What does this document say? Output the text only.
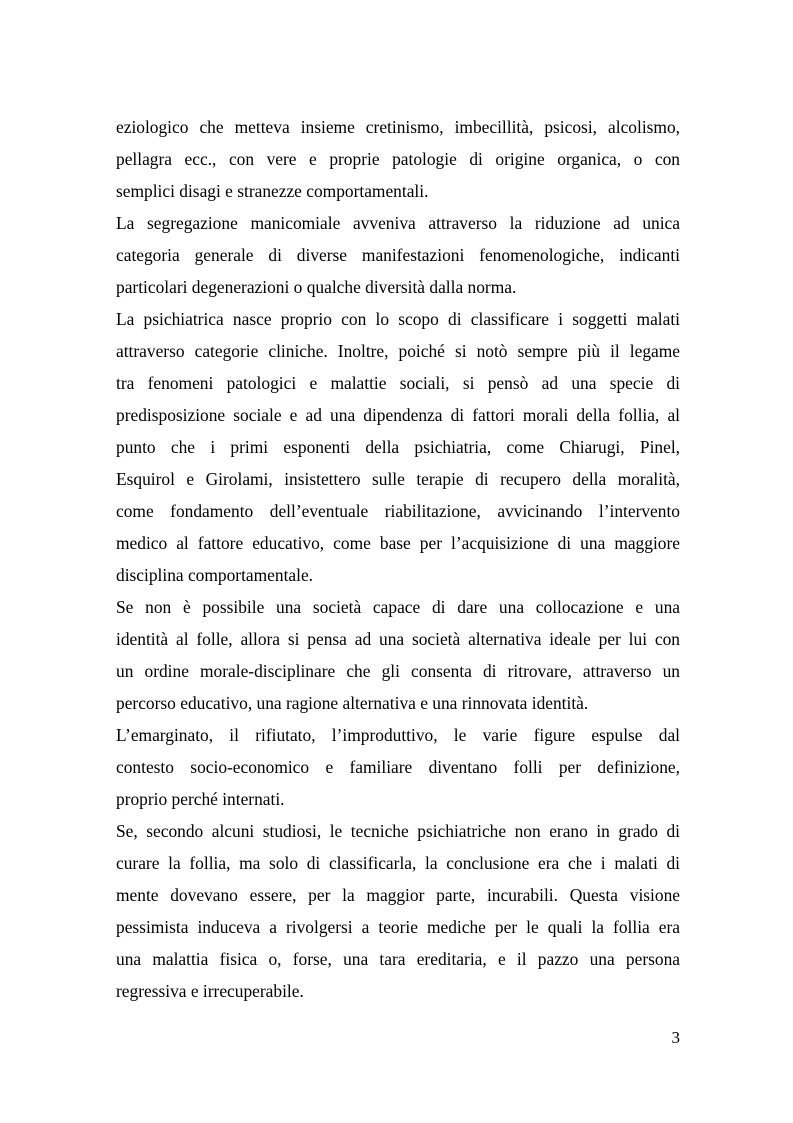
eziologico che metteva insieme cretinismo, imbecillità, psicosi, alcolismo,
pellagra ecc., con vere e proprie patologie di origine organica, o con
semplici disagi e stranezze comportamentali.
La segregazione manicomiale avveniva attraverso la riduzione ad unica
categoria generale di diverse manifestazioni fenomenologiche, indicanti
particolari degenerazioni o qualche diversità dalla norma.
La psichiatrica nasce proprio con lo scopo di classificare i soggetti malati
attraverso categorie cliniche. Inoltre, poiché si notò sempre più il legame
tra fenomeni patologici e malattie sociali, si pensò ad una specie di
predisposizione sociale e ad una dipendenza di fattori morali della follia, al
punto che i primi esponenti della psichiatria, come Chiarugi, Pinel,
Esquirol e Girolami, insistettero sulle terapie di recupero della moralità,
come fondamento dell’eventuale riabilitazione, avvicinando l’intervento
medico al fattore educativo, come base per l’acquisizione di una maggiore
disciplina comportamentale.
Se non è possibile una società capace di dare una collocazione e una
identità al folle, allora si pensa ad una società alternativa ideale per lui con
un ordine morale-disciplinare che gli consenta di ritrovare, attraverso un
percorso educativo, una ragione alternativa e una rinnovata identità.
L’emarginato, il rifiutato, l’improduttivo, le varie figure espulse dal
contesto socio-economico e familiare diventano folli per definizione,
proprio perché internati.
Se, secondo alcuni studiosi, le tecniche psichiatriche non erano in grado di
curare la follia, ma solo di classificarla, la conclusione era che i malati di
mente dovevano essere, per la maggior parte, incurabili. Questa visione
pessimista induceva a rivolgersi a teorie mediche per le quali la follia era
una malattia fisica o, forse, una tara ereditaria, e il pazzo una persona
regressiva e irrecuperabile.
3
